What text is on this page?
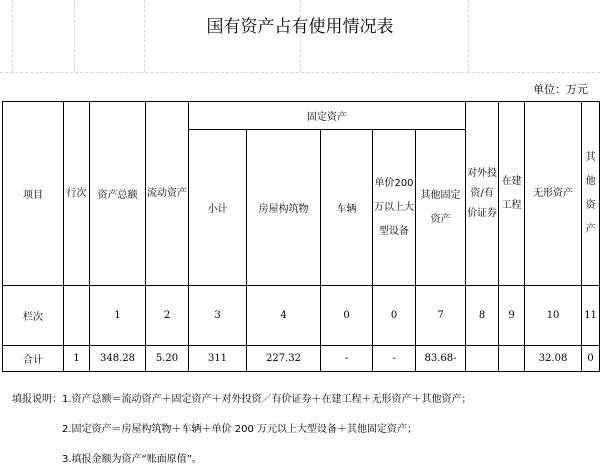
国有资产占有使用情况表
单位：万元
项目	行次	资产总额	流动资产	固定资产					对外投资/有价证券	在建工程	无形资产	其他资产

				小计	房屋构筑物	车辆	单价200万以上大型设备	其他固定资产				

栏次		1	2	3	4	0	0	7	8	9	10	11

合计	1	348.28	5.20	311	227.32	-	-	83.68-			32.08	0
填报说明：1.资产总额＝流动资产＋固定资产＋对外投资／有价证券＋在建工程＋无形资产＋其他资产；
2.固定资产＝房屋构筑物＋车辆＋单价 200 万元以上大型设备＋其他固定资产；
3.填报金额为资产“账面原值”。
